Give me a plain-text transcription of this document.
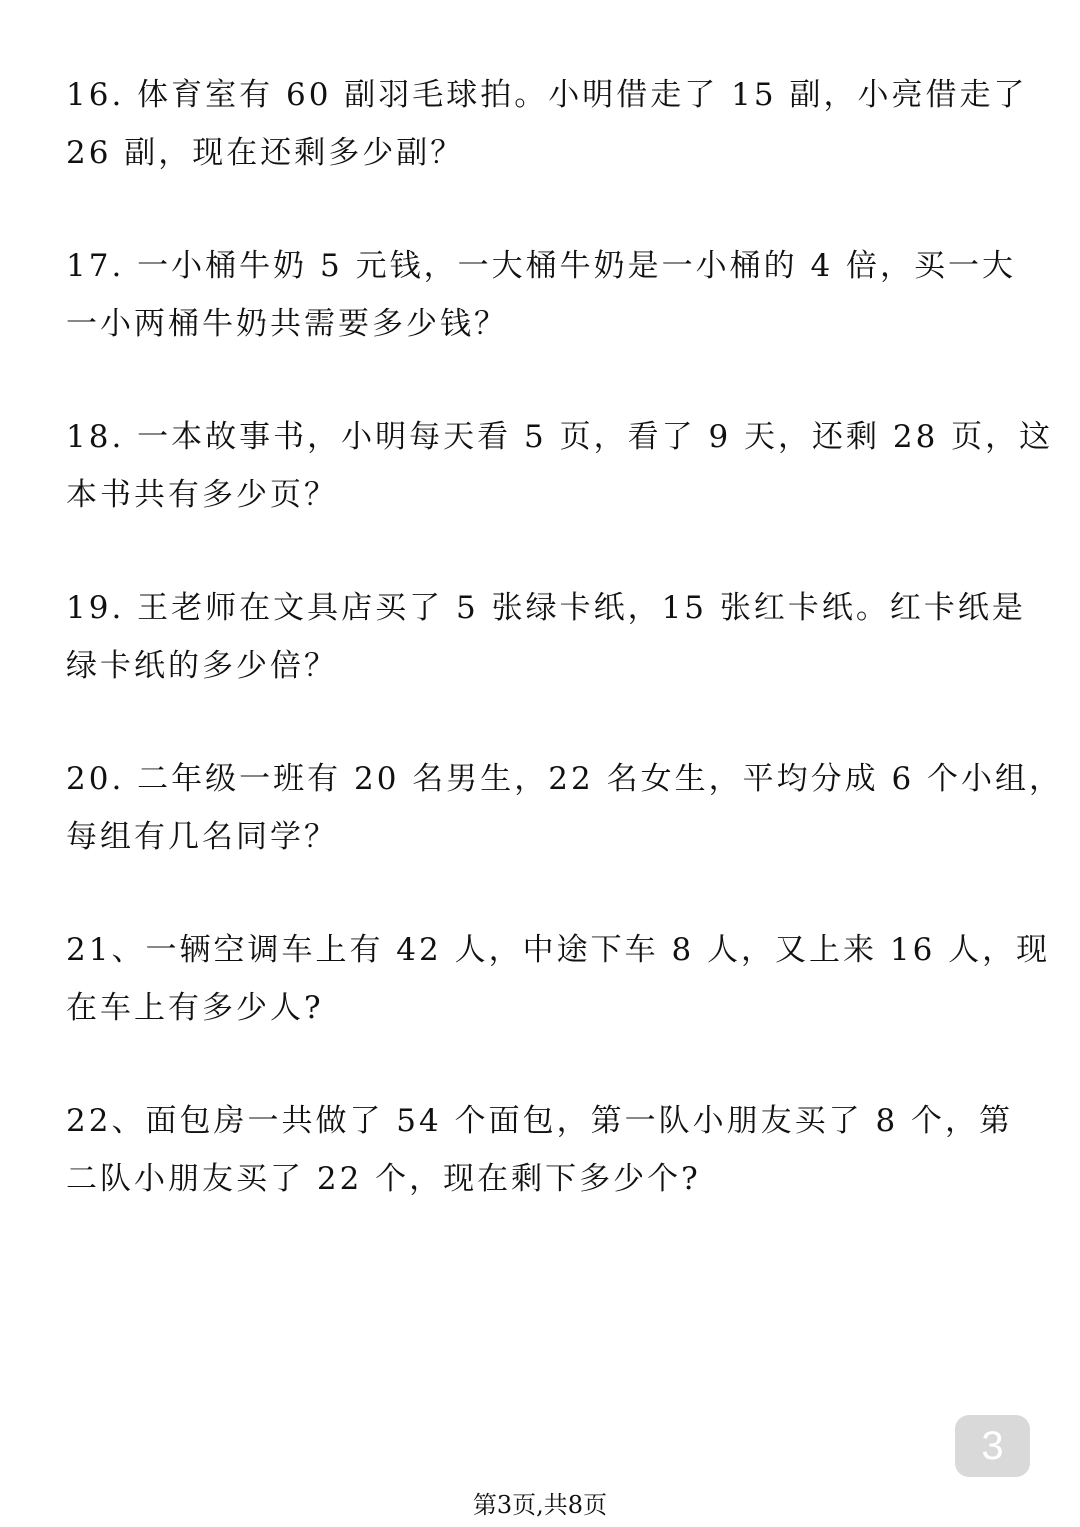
16. 体育室有 60 副羽毛球拍。小明借走了 15 副，小亮借走了
26 副，现在还剩多少副？
17. 一小桶牛奶 5 元钱，一大桶牛奶是一小桶的 4 倍，买一大
一小两桶牛奶共需要多少钱？
18. 一本故事书，小明每天看 5 页，看了 9 天，还剩 28 页，这
本书共有多少页？
19. 王老师在文具店买了 5 张绿卡纸，15 张红卡纸。红卡纸是
绿卡纸的多少倍？
20. 二年级一班有 20 名男生，22 名女生，平均分成 6 个小组，
每组有几名同学？
21、一辆空调车上有 42 人，中途下车 8 人，又上来 16 人，现
在车上有多少人?
22、面包房一共做了 54 个面包，第一队小朋友买了 8 个，第
二队小朋友买了 22 个，现在剩下多少个?
3
第3页,共8页
